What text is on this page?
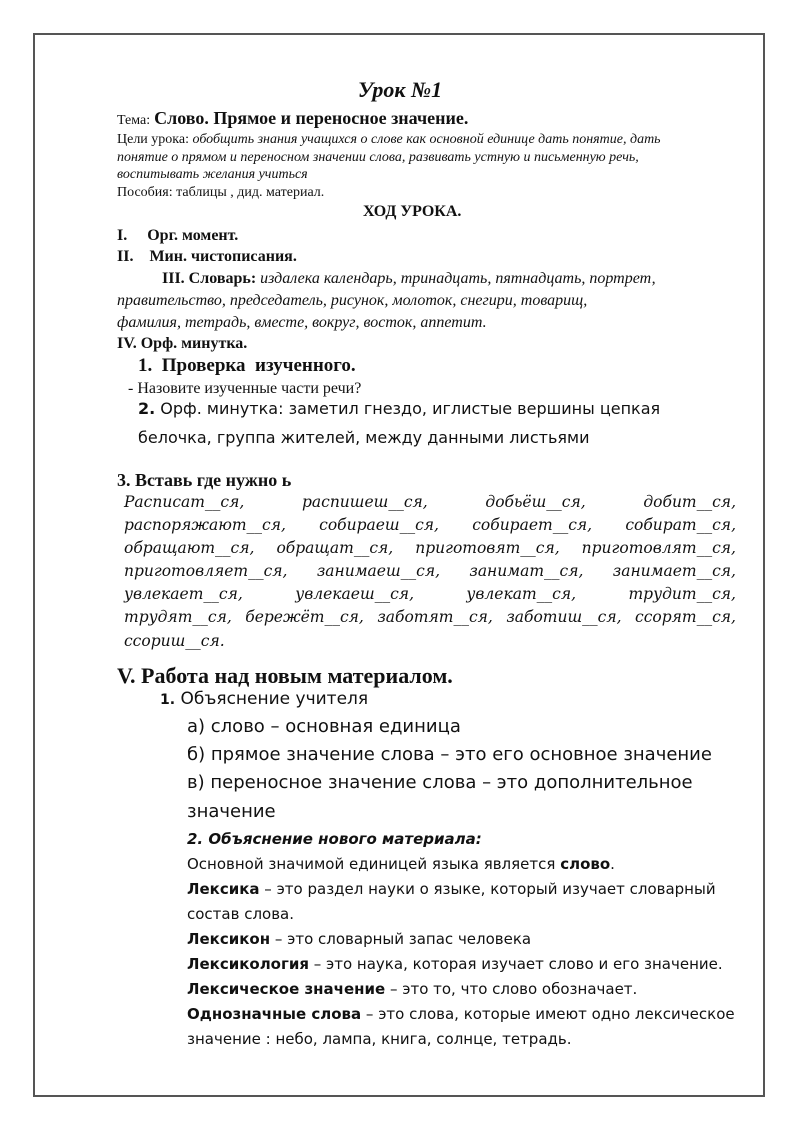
Урок №1
Тема: Слово. Прямое и переносное значение.
Цели урока: обобщить знания учащихся о слове как основной единице дать понятие, дать
понятие о прямом и переносном значении слова, развивать устную и письменную речь,
воспитывать желания учиться
Пособия: таблицы , дид. материал.
ХОД УРОКА.
I.     Орг. момент.
II.    Мин. чистописания.
III. Словарь: издалека календарь, тринадцать, пятнадцать, портрет,
правительство, председатель, рисунок, молоток, снегири, товарищ,
фамилия, тетрадь, вместе, вокруг, восток, аппетит.
IV. Орф. минутка.
1.  Проверка  изученного.
- Назовите изученные части речи?
2. Орф. минутка: заметил гнездо, иглистые вершины цепкая
белочка, группа жителей, между данными листьями
3. Вставь где нужно ь
Расписат__ся,	распишеш__ся,	добьёш__ся,	добит__ся,
распоряжают__ся, собираеш__ся, собирает__ся, собират__ся,
обращают__ся, обращат__ся, приготовят__ся, приготовлят__ся,
приготовляет__ся, занимаеш__ся, занимат__ся, занимает__ся,
увлекает__ся,	увлекаеш__ся,	увлекат__ся,	трудит__ся,
трудят__ся, бережёт__ся, заботят__ся, заботиш__ся, ссорят__ся,
ссориш__ся.
V. Работа над новым материалом.
1. Объяснение учителя
а) слово – основная единица
б) прямое значение слова – это его основное значение
в) переносное значение слова – это дополнительное
значение
2. Объяснение нового материала:
Основной значимой единицей языка является слово.
Лексика – это раздел науки о языке, который изучает словарный
состав слова.
Лексикон – это словарный запас человека
Лексикология – это наука, которая изучает слово и его значение.
Лексическое значение – это то, что слово обозначает.
Однозначные слова – это слова, которые имеют одно лексическое
значение : небо, лампа, книга, солнце, тетрадь.
